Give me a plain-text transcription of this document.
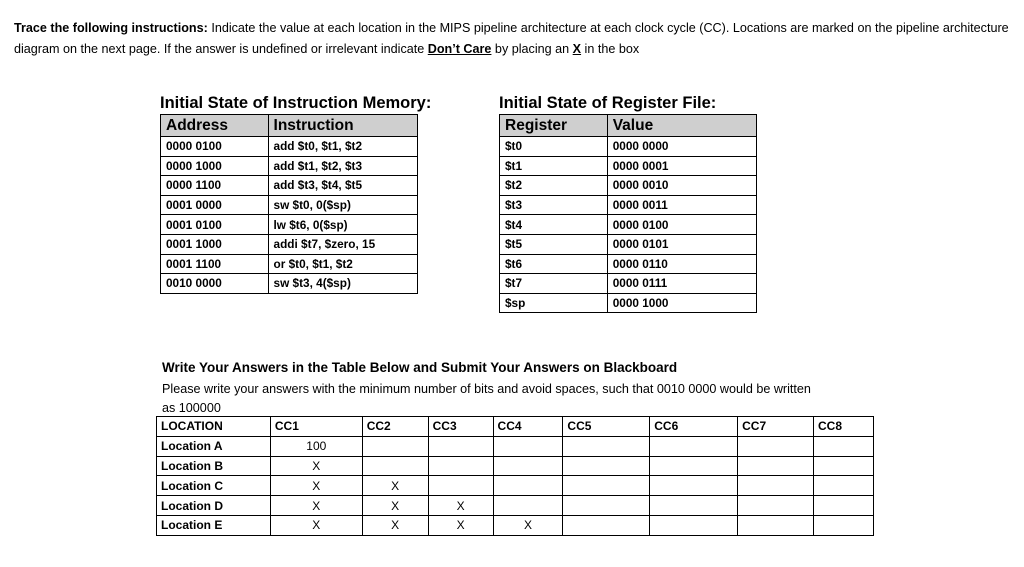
Trace the following instructions: Indicate the value at each location in the MIPS pipeline architecture at each clock cycle (CC). Locations are marked on the pipeline architecture diagram on the next page. If the answer is undefined or irrelevant indicate Don’t Care by placing an X in the box
Initial State of Instruction Memory:
Address	Instruction
0000 0100	add $t0, $t1, $t2
0000 1000	add $t1, $t2, $t3
0000 1100	add $t3, $t4, $t5
0001 0000	sw $t0, 0($sp)
0001 0100	lw $t6, 0($sp)
0001 1000	addi $t7, $zero, 15
0001 1100	or $t0, $t1, $t2
0010 0000	sw $t3, 4($sp)
Initial State of Register File:
Register	Value
$t0	0000 0000
$t1	0000 0001
$t2	0000 0010
$t3	0000 0011
$t4	0000 0100
$t5	0000 0101
$t6	0000 0110
$t7	0000 0111
$sp	0000 1000
Write Your Answers in the Table Below and Submit Your Answers on Blackboard
Please write your answers with the minimum number of bits and avoid spaces, such that 0010 0000 would be written as 100000
LOCATION	CC1	CC2	CC3	CC4	CC5	CC6	CC7	CC8
Location A	100							
Location B	X							
Location C	X	X						
Location D	X	X	X					
Location E	X	X	X	X				
